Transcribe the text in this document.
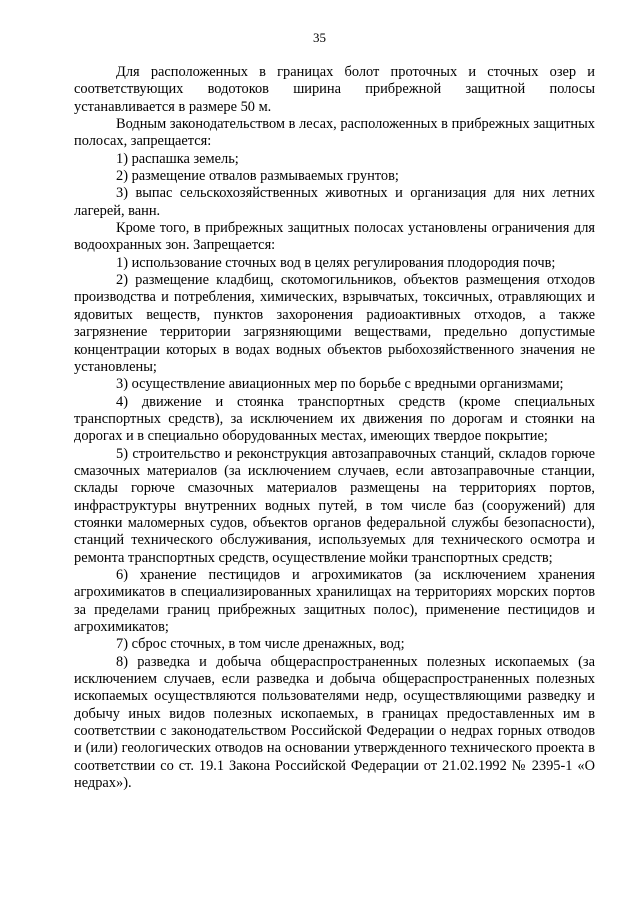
35

Для расположенных в границах болот проточных и сточных озер и соответствующих водотоков ширина прибрежной защитной полосы устанавливается в размере 50 м.

Водным законодательством в лесах, расположенных в прибрежных защитных полосах, запрещается:

1) распашка земель;

2) размещение отвалов размываемых грунтов;

3) выпас сельскохозяйственных животных и организация для них летних лагерей, ванн.

Кроме того, в прибрежных защитных полосах установлены ограничения для водоохранных зон. Запрещается:

1) использование сточных вод в целях регулирования плодородия почв;

2) размещение кладбищ, скотомогильников, объектов размещения отходов производства и потребления, химических, взрывчатых, токсичных, отравляющих и ядовитых веществ, пунктов захоронения радиоактивных отходов, а также загрязнение территории загрязняющими веществами, предельно допустимые концентрации которых в водах водных объектов рыбохозяйственного значения не установлены;

3) осуществление авиационных мер по борьбе с вредными организмами;

4) движение и стоянка транспортных средств (кроме специальных транспортных средств), за исключением их движения по дорогам и стоянки на дорогах и в специально оборудованных местах, имеющих твердое покрытие;

5) строительство и реконструкция автозаправочных станций, складов горюче смазочных материалов (за исключением случаев, если автозаправочные станции, склады горюче смазочных материалов размещены на территориях портов, инфраструктуры внутренних водных путей, в том числе баз (сооружений) для стоянки маломерных судов, объектов органов федеральной службы безопасности), станций технического обслуживания, используемых для технического осмотра и ремонта транспортных средств, осуществление мойки транспортных средств;

6) хранение пестицидов и агрохимикатов (за исключением хранения агрохимикатов в специализированных хранилищах на территориях морских портов за пределами границ прибрежных защитных полос), применение пестицидов и агрохимикатов;

7) сброс сточных, в том числе дренажных, вод;

8) разведка и добыча общераспространенных полезных ископаемых (за исключением случаев, если разведка и добыча общераспространенных полезных ископаемых осуществляются пользователями недр, осуществляющими разведку и добычу иных видов полезных ископаемых, в границах предоставленных им в соответствии с законодательством Российской Федерации о недрах горных отводов и (или) геологических отводов на основании утвержденного технического проекта в соответствии со ст. 19.1 Закона Российской Федерации от 21.02.1992 № 2395-1 «О недрах»).
